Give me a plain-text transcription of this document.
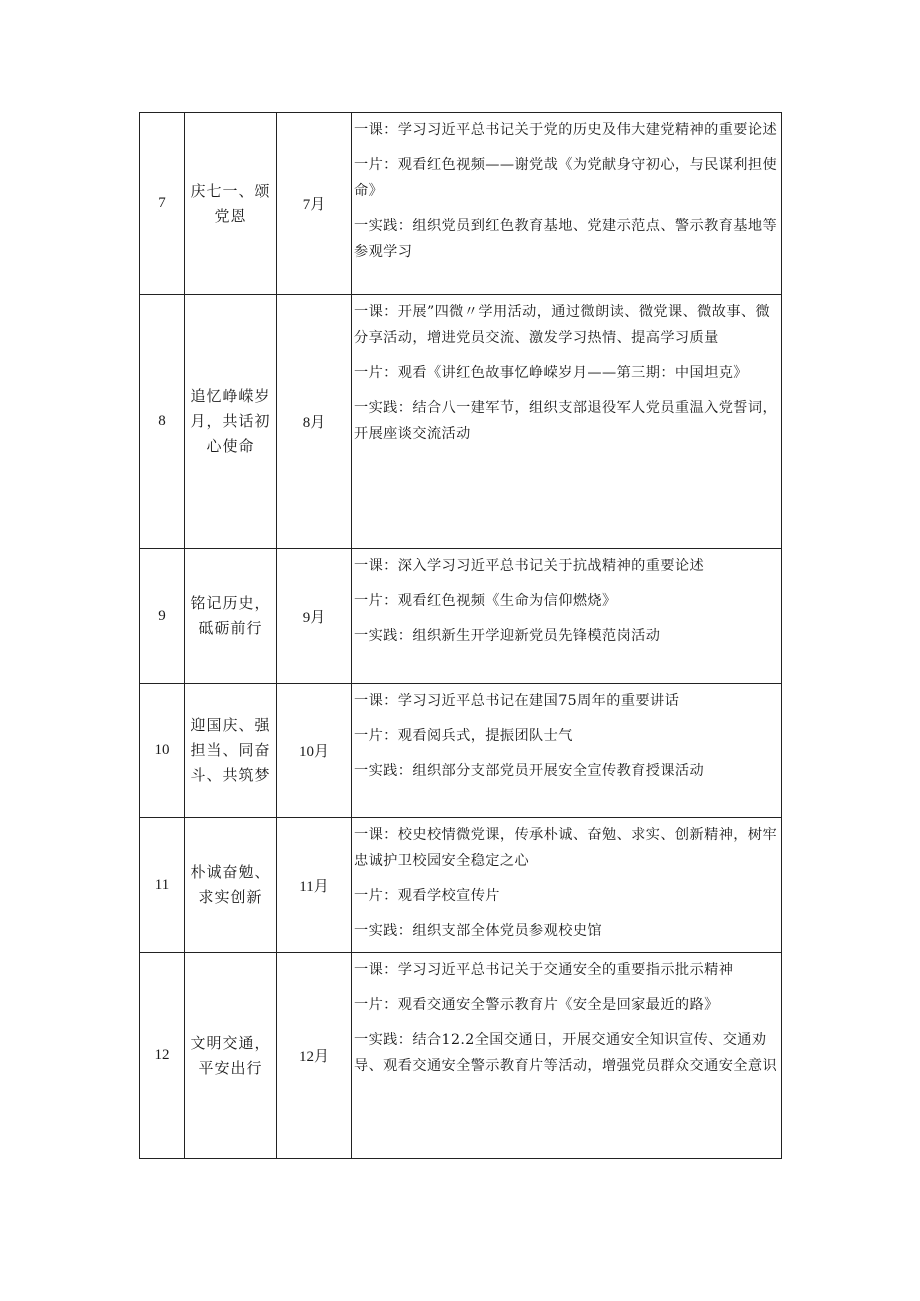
7	庆七一、颂党恩	7月	一课：学习习近平总书记关于党的历史及伟大建党精神的重要论述
一片：观看红色视频——谢党哉《为党献身守初心，与民谋利担使命》
一实践：组织党员到红色教育基地、党建示范点、警示教育基地等参观学习

8	追忆峥嵘岁月，共话初心使命	8月	一课：开展”四微〃学用活动，通过微朗读、微党课、微故事、微分享活动，增进党员交流、激发学习热情、提高学习质量
一片：观看《讲红色故事忆峥嵘岁月——第三期：中国坦克》
一实践：结合八一建军节，组织支部退役军人党员重温入党誓词，开展座谈交流活动

9	铭记历史，砥砺前行	9月	一课：深入学习习近平总书记关于抗战精神的重要论述
一片：观看红色视频《生命为信仰燃烧》
一实践：组织新生开学迎新党员先锋模范岗活动

10	迎国庆、强担当、同奋斗、共筑梦	10月	一课：学习习近平总书记在建国75周年的重要讲话
一片：观看阅兵式，提振团队士气
一实践：组织部分支部党员开展安全宣传教育授课活动

11	朴诚奋勉、求实创新	11月	一课：校史校情微党课，传承朴诚、奋勉、求实、创新精神，树牢忠诚护卫校园安全稳定之心
一片：观看学校宣传片
一实践：组织支部全体党员参观校史馆

12	文明交通，平安出行	12月	一课：学习习近平总书记关于交通安全的重要指示批示精神
一片：观看交通安全警示教育片《安全是回家最近的路》
一实践：结合12.2全国交通日，开展交通安全知识宣传、交通劝导、观看交通安全警示教育片等活动，增强党员群众交通安全意识
